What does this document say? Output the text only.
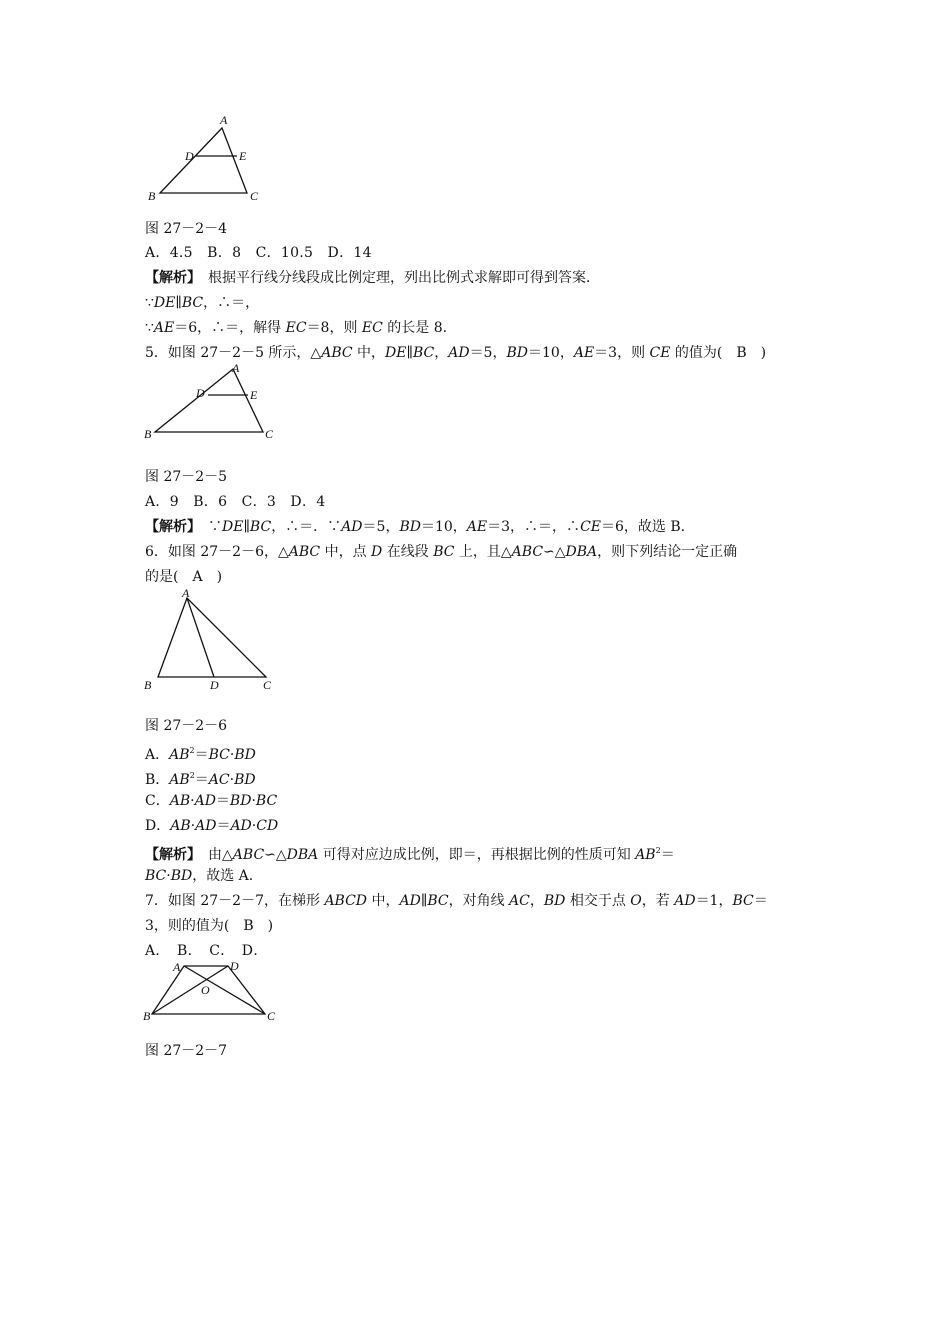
A
D	E
B	C
图 27－2－4
A．4.5　B．8　C．10.5　D．14
【解析】　根据平行线分线段成比例定理，列出比例式求解即可得到答案．
∵DE∥BC，∴＝，
∵AE＝6，∴＝，解得 EC＝8，则 EC 的长是 8.
5．如图 27－2－5 所示，△ABC 中，DE∥BC，AD＝5，BD＝10，AE＝3，则 CE 的值为(　B　)
A
D	E
B	C
图 27－2－5
A．9　B．6　C．3　D．4
【解析】　∵DE∥BC，∴＝．∵AD＝5，BD＝10，AE＝3，∴＝，∴CE＝6，故选 B.
6．如图 27－2－6，△ABC 中，点 D 在线段 BC 上，且△ABC∽△DBA，则下列结论一定正确
的是(　A　)
A
B	D	C
图 27－2－6
A．$AB^2=BC\cdot BD$
B．$AB^2=AC\cdot BD$
C．AB·AD＝BD·BC
D．AB·AD＝AD·CD
【解析】　由△ABC∽△DBA 可得对应边成比例，即＝，再根据比例的性质可知 $AB^2=$
BC·BD，故选 A.
7．如图 27－2－7，在梯形 ABCD 中，AD∥BC，对角线 AC，BD 相交于点 O，若 AD＝1，BC＝
3，则的值为(　B　)
A．　B．　C．　D．
A	D
O
B	C
图 27－2－7
